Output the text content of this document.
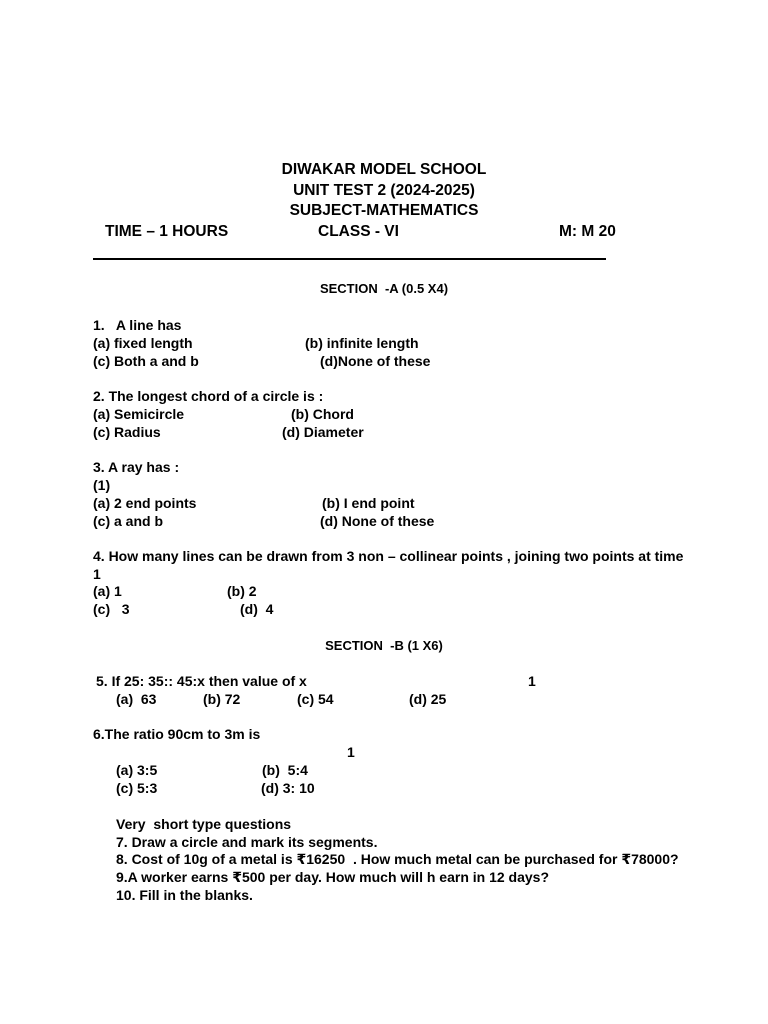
DIWAKAR MODEL SCHOOL
UNIT TEST 2 (2024-2025)
SUBJECT-MATHEMATICS
TIME – 1 HOURS	CLASS - VI	M: M 20
SECTION  -A (0.5 X4)
1.   A line has
(a) fixed length	(b) infinite length
(c) Both a and b	(d)None of these
2. The longest chord of a circle is :
(a) Semicircle	(b) Chord
(c) Radius	(d) Diameter
3. A ray has :
(1)
(a) 2 end points	(b) I end point
(c) a and b	(d) None of these
4. How many lines can be drawn from 3 non – collinear points , joining two points at time
1
(a) 1	(b) 2
(c)   3	(d)  4
SECTION  -B (1 X6)
5. If 25: 35:: 45:x then value of x	1
(a)  63	(b) 72	(c) 54	(d) 25
6.The ratio 90cm to 3m is
1
(a) 3:5	(b)  5:4
(c) 5:3	(d) 3: 10
Very  short type questions
7. Draw a circle and mark its segments.
8. Cost of 10g of a metal is ₹16250  . How much metal can be purchased for ₹78000?
9.A worker earns ₹500 per day. How much will h earn in 12 days?
10. Fill in the blanks.
